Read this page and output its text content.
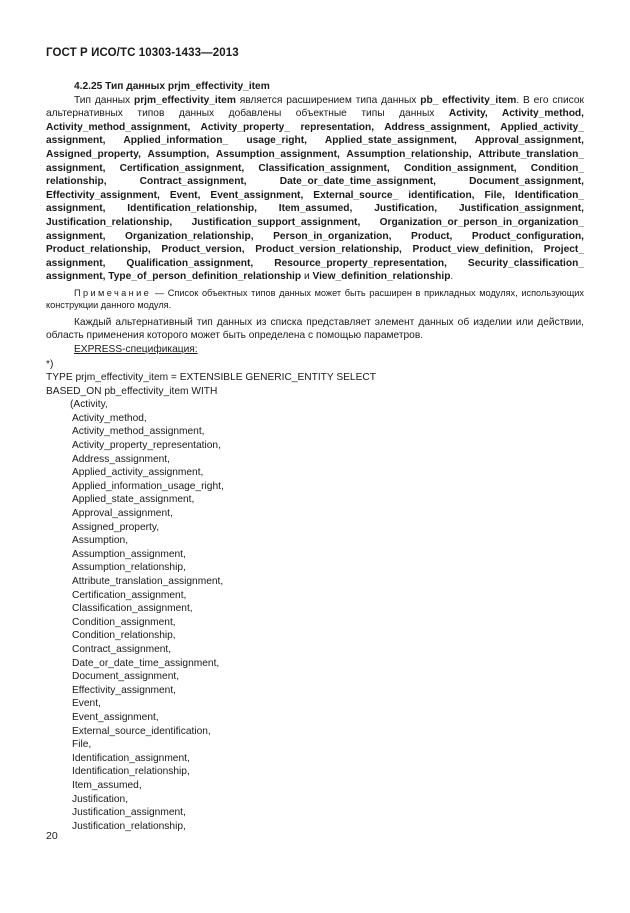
ГОСТ Р ИСО/ТС 10303-1433—2013
4.2.25 Тип данных prjm_effectivity_item

Тип данных prjm_effectivity_item является расширением типа данных pb_ effectivity_item. В его список альтернативных типов данных добавлены объектные типы данных Activity, Activity_method, Activity_method_assignment, Activity_property_ representation, Address_assignment, Applied_activity_ assignment, Applied_information_ usage_right, Applied_state_assignment, Approval_assignment, Assigned_property, Assumption, Assumption_assignment, Assumption_relationship, Attribute_translation_ assignment, Certification_assignment, Classification_assignment, Condition_assignment, Condition_ relationship, Contract_assignment, Date_or_date_time_assignment, Document_assignment, Effectivity_assignment, Event, Event_assignment, External_source_ identification, File, Identification_ assignment, Identification_relationship, Item_assumed, Justification, Justification_assignment, Justification_relationship, Justification_support_assignment, Organization_or_person_in_organization_ assignment, Organization_relationship, Person_in_organization, Product, Product_configuration, Product_relationship, Product_version, Product_version_relationship, Product_view_definition, Project_ assignment, Qualification_assignment, Resource_property_representation, Security_classification_ assignment, Type_of_person_definition_relationship и View_definition_relationship.

Примечание — Список объектных типов данных может быть расширен в прикладных модулях, использующих конструкции данного модуля.

Каждый альтернативный тип данных из списка представляет элемент данных об изделии или действии, область применения которого может быть определена с помощью параметров.

EXPRESS-спецификация:
*)
TYPE prjm_effectivity_item = EXTENSIBLE GENERIC_ENTITY SELECT
BASED_ON pb_effectivity_item WITH
(Activity,
Activity_method,
Activity_method_assignment,
Activity_property_representation,
Address_assignment,
Applied_activity_assignment,
Applied_information_usage_right,
Applied_state_assignment,
Approval_assignment,
Assigned_property,
Assumption,
Assumption_assignment,
Assumption_relationship,
Attribute_translation_assignment,
Certification_assignment,
Classification_assignment,
Condition_assignment,
Condition_relationship,
Contract_assignment,
Date_or_date_time_assignment,
Document_assignment,
Effectivity_assignment,
Event,
Event_assignment,
External_source_identification,
File,
Identification_assignment,
Identification_relationship,
Item_assumed,
Justification,
Justification_assignment,
Justification_relationship,
20
